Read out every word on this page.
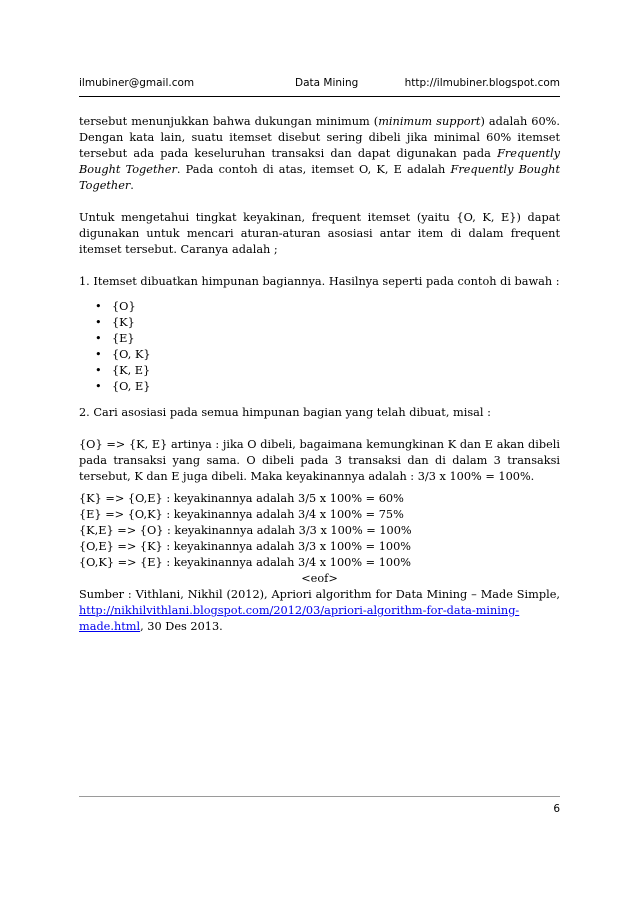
ilmubiner@gmail.com	Data Mining	http://ilmubiner.blogspot.com

tersebut menunjukkan bahwa dukungan minimum (minimum support) adalah 60%. Dengan kata lain, suatu itemset disebut sering dibeli jika minimal 60% itemset tersebut ada pada keseluruhan transaksi dan dapat digunakan pada Frequently Bought Together. Pada contoh di atas, itemset O, K, E adalah Frequently Bought Together.

Untuk mengetahui tingkat keyakinan, frequent itemset (yaitu {O, K, E}) dapat digunakan untuk mencari aturan-aturan asosiasi antar item di dalam frequent itemset tersebut. Caranya adalah ;

1. Itemset dibuatkan himpunan bagiannya. Hasilnya seperti pada contoh di bawah :

• {O}
• {K}
• {E}
• {O, K}
• {K, E}
• {O, E}

2. Cari asosiasi pada semua himpunan bagian yang telah dibuat, misal :

{O} => {K, E} artinya : jika O dibeli, bagaimana kemungkinan K dan E akan dibeli pada transaksi yang sama. O dibeli pada 3 transaksi dan di dalam 3 transaksi tersebut, K dan E juga dibeli. Maka keyakinannya adalah : 3/3 x 100% = 100%.

{K} => {O,E} : keyakinannya adalah 3/5 x 100% = 60%
{E} => {O,K} : keyakinannya adalah 3/4 x 100% = 75%
{K,E} => {O} : keyakinannya adalah 3/3 x 100% = 100%
{O,E} => {K} : keyakinannya adalah 3/3 x 100% = 100%
{O,K} => {E} : keyakinannya adalah 3/4 x 100% = 100%

<eof>

Sumber : Vithlani, Nikhil (2012), Apriori algorithm for Data Mining – Made Simple, http://nikhilvithlani.blogspot.com/2012/03/apriori-algorithm-for-data-mining-made.html, 30 Des 2013.

6
